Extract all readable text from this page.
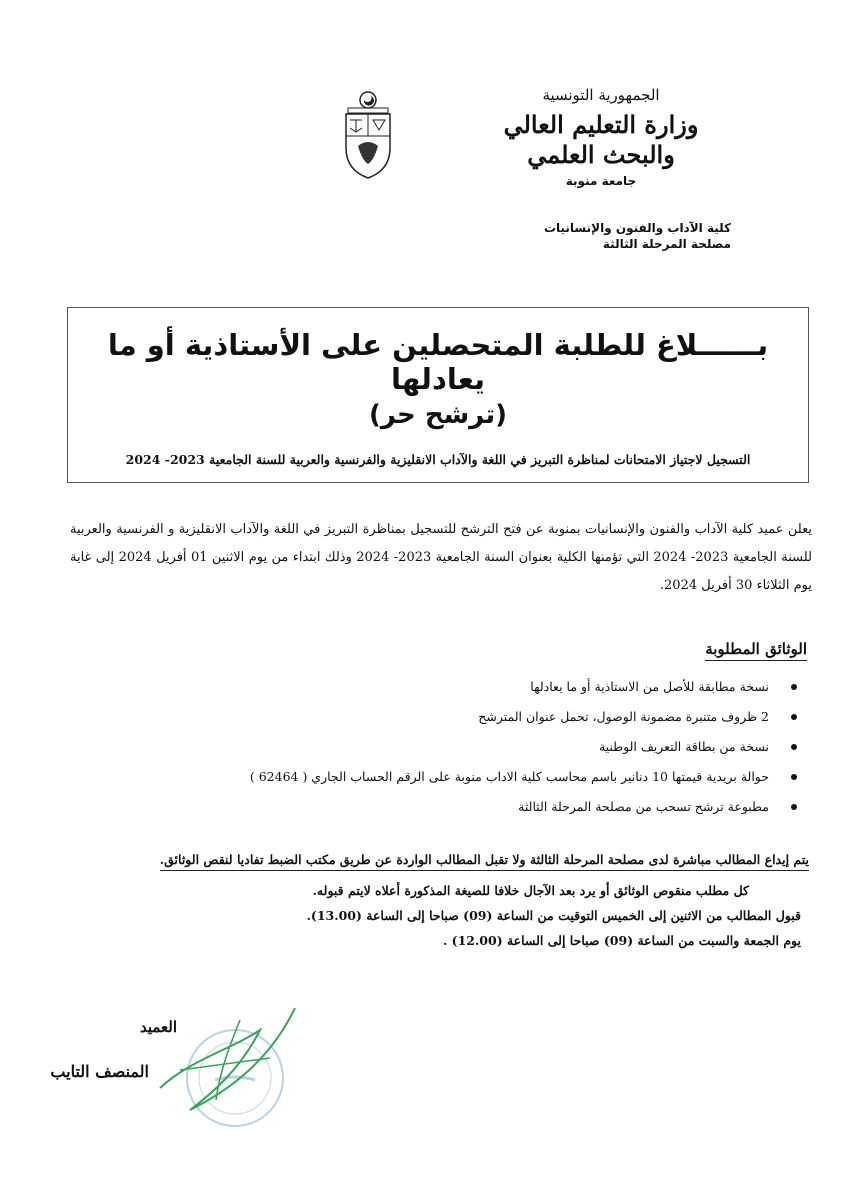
الجمهورية التونسية
وزارة التعليم العالي
والبحث العلمي
جامعة منوبة
كلية الآداب والفنون والإنسانيات
مصلحة المرحلة الثالثة
بــــــلاغ للطلبة المتحصلين على الأستاذية أو ما يعادلها
(ترشح حر)
التسجيل لاجتياز الامتحانات لمناظرة التبريز في اللغة والآداب الانقليزية والفرنسية والعربية للسنة الجامعية 2023- 2024
يعلن عميد كلية الآداب والفنون والإنسانيات بمنوبة عن فتح الترشح للتسجيل بمناظرة التبريز في اللغة والآداب الانقليزية و الفرنسية والعربية للسنة الجامعية 2023- 2024 التي تؤمنها الكلية بعنوان السنة الجامعية 2023- 2024 وذلك ابتداء من يوم الاثنين 01 أفريل 2024 إلى غاية يوم الثلاثاء 30 أفريل 2024.
الوثائق المطلوبة
نسخة مطابقة للأصل من الاستاذية أو ما يعادلها
2 ظروف متنبرة مضمونة الوصول، تحمل عنوان المترشح
نسخة من بطاقة التعريف الوطنية
حوالة بريدية قيمتها 10 دنانير باسم محاسب كلية الاداب منوبة على الرقم الحساب الجاري ( 62464 )
مطبوعة ترشح تسحب من مصلحة المرحلة الثالثة
يتم إيداع المطالب مباشرة لدى مصلحة المرحلة الثالثة ولا تقبل المطالب الواردة عن طريق مكتب الضبط تفاديا لنقص الوثائق.
كل مطلب منقوص الوثائق أو يرد بعد الآجال خلافا للصيغة المذكورة أعلاه لايتم قبوله.
قبول المطالب من الاثنين إلى الخميس التوقيت من الساعة (09) صباحا إلى الساعة (13.00).
يوم الجمعة والسبت من الساعة (09) صباحا إلى الساعة (12.00) .
العميد
المنصف التايب
